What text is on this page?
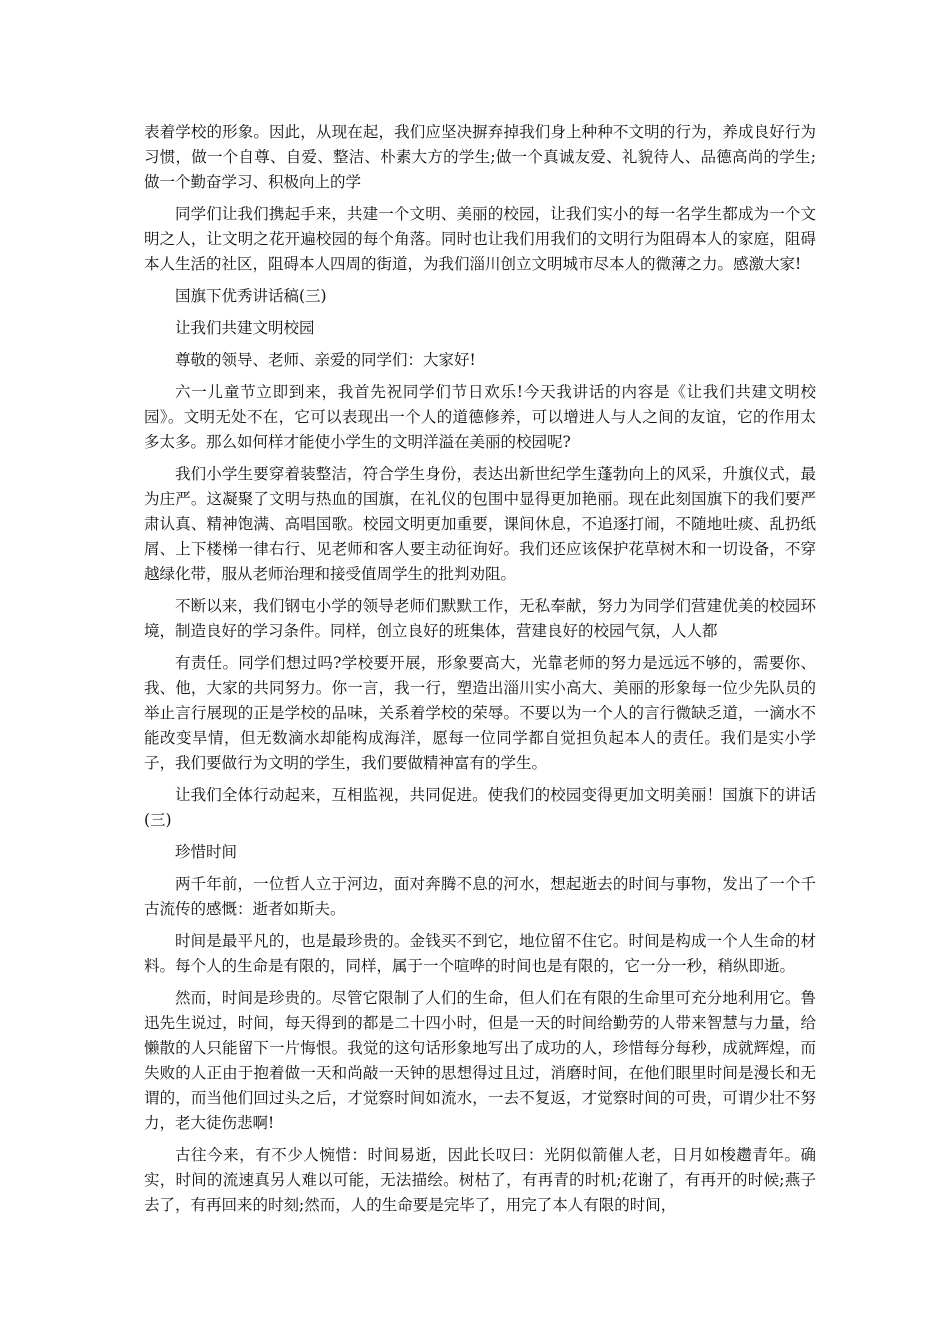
表着学校的形象。因此，从现在起，我们应坚决摒弃掉我们身上种种不文明的行为，养成良好行为习惯，做一个自尊、自爱、整洁、朴素大方的学生;做一个真诚友爱、礼貌待人、品德高尚的学生;做一个勤奋学习、积极向上的学

同学们让我们携起手来，共建一个文明、美丽的校园，让我们实小的每一名学生都成为一个文明之人，让文明之花开遍校园的每个角落。同时也让我们用我们的文明行为阻碍本人的家庭，阻碍本人生活的社区，阻碍本人四周的街道，为我们淄川创立文明城市尽本人的微薄之力。感激大家!

国旗下优秀讲话稿(三)

让我们共建文明校园

尊敬的领导、老师、亲爱的同学们：大家好!

六一儿童节立即到来，我首先祝同学们节日欢乐!今天我讲话的内容是《让我们共建文明校园》。文明无处不在，它可以表现出一个人的道德修养，可以增进人与人之间的友谊，它的作用太多太多。那么如何样才能使小学生的文明洋溢在美丽的校园呢?

我们小学生要穿着装整洁，符合学生身份，表达出新世纪学生蓬勃向上的风采，升旗仪式，最为庄严。这凝聚了文明与热血的国旗，在礼仪的包围中显得更加艳丽。现在此刻国旗下的我们要严肃认真、精神饱满、高唱国歌。校园文明更加重要，课间休息，不追逐打闹，不随地吐痰、乱扔纸屑、上下楼梯一律右行、见老师和客人要主动征询好。我们还应该保护花草树木和一切设备，不穿越绿化带，服从老师治理和接受值周学生的批判劝阻。

不断以来，我们钢屯小学的领导老师们默默工作，无私奉献，努力为同学们营建优美的校园环境，制造良好的学习条件。同样，创立良好的班集体，营建良好的校园气氛，人人都

有责任。同学们想过吗?学校要开展，形象要高大，光靠老师的努力是远远不够的，需要你、我、他，大家的共同努力。你一言，我一行，塑造出淄川实小高大、美丽的形象每一位少先队员的举止言行展现的正是学校的品味，关系着学校的荣辱。不要以为一个人的言行微缺乏道，一滴水不能改变旱情，但无数滴水却能构成海洋，愿每一位同学都自觉担负起本人的责任。我们是实小学子，我们要做行为文明的学生，我们要做精神富有的学生。

让我们全体行动起来，互相监视，共同促进。使我们的校园变得更加文明美丽！国旗下的讲话(三)

珍惜时间

两千年前，一位哲人立于河边，面对奔腾不息的河水，想起逝去的时间与事物，发出了一个千古流传的感慨：逝者如斯夫。

时间是最平凡的，也是最珍贵的。金钱买不到它，地位留不住它。时间是构成一个人生命的材料。每个人的生命是有限的，同样，属于一个喧哗的时间也是有限的，它一分一秒，稍纵即逝。

然而，时间是珍贵的。尽管它限制了人们的生命，但人们在有限的生命里可充分地利用它。鲁迅先生说过，时间，每天得到的都是二十四小时，但是一天的时间给勤劳的人带来智慧与力量，给懒散的人只能留下一片悔恨。我觉的这句话形象地写出了成功的人，珍惜每分每秒，成就辉煌，而失败的人正由于抱着做一天和尚敲一天钟的思想得过且过，消磨时间，在他们眼里时间是漫长和无谓的，而当他们回过头之后，才觉察时间如流水，一去不复返，才觉察时间的可贵，可谓少壮不努力，老大徒伤悲啊!

古往今来，有不少人惋惜：时间易逝，因此长叹曰：光阴似箭催人老，日月如梭趱青年。确实，时间的流速真另人难以可能，无法描绘。树枯了，有再青的时机;花谢了，有再开的时候;燕子去了，有再回来的时刻;然而，人的生命要是完毕了，用完了本人有限的时间，
